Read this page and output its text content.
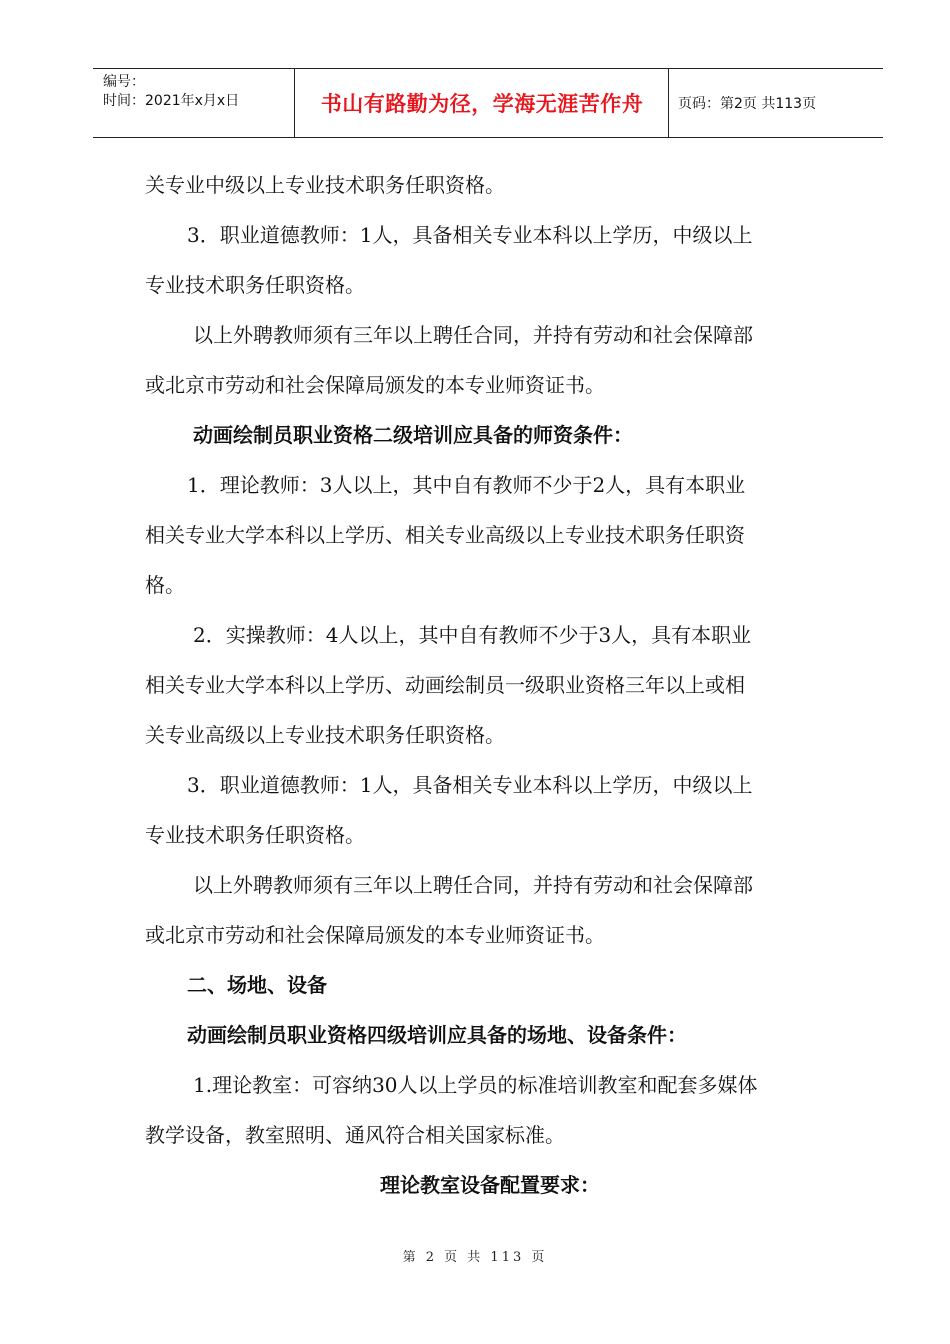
编号：
时间：2021年x月x日	书山有路勤为径，学海无涯苦作舟	页码：第2页 共113页

关专业中级以上专业技术职务任职资格。

3．职业道德教师：1人，具备相关专业本科以上学历，中级以上

专业技术职务任职资格。

以上外聘教师须有三年以上聘任合同，并持有劳动和社会保障部

或北京市劳动和社会保障局颁发的本专业师资证书。

动画绘制员职业资格二级培训应具备的师资条件：

1．理论教师：3人以上，其中自有教师不少于2人，具有本职业

相关专业大学本科以上学历、相关专业高级以上专业技术职务任职资

格。

2．实操教师：4人以上，其中自有教师不少于3人，具有本职业

相关专业大学本科以上学历、动画绘制员一级职业资格三年以上或相

关专业高级以上专业技术职务任职资格。

3．职业道德教师：1人，具备相关专业本科以上学历，中级以上

专业技术职务任职资格。

以上外聘教师须有三年以上聘任合同，并持有劳动和社会保障部

或北京市劳动和社会保障局颁发的本专业师资证书。

二、场地、设备

动画绘制员职业资格四级培训应具备的场地、设备条件：

1.理论教室：可容纳30人以上学员的标准培训教室和配套多媒体

教学设备，教室照明、通风符合相关国家标准。

理论教室设备配置要求：

第 2 页 共 113 页
